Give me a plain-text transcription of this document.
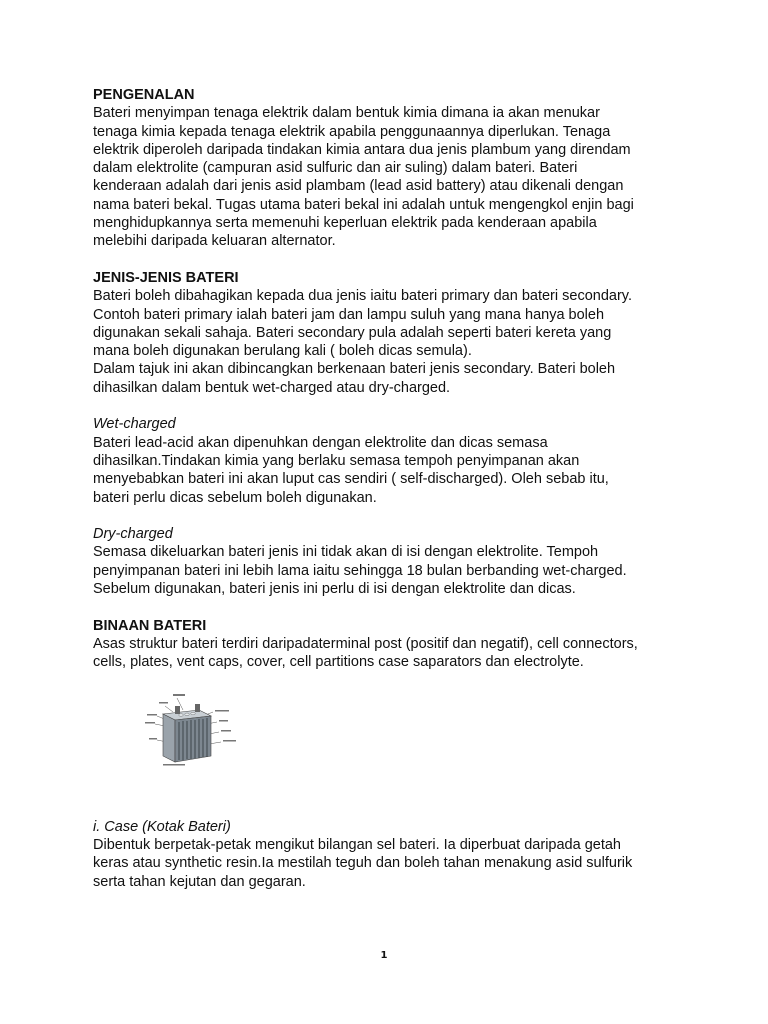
PENGENALAN

Bateri menyimpan tenaga elektrik dalam bentuk kimia dimana ia akan menukar

tenaga kimia kepada tenaga elektrik apabila penggunaannya diperlukan. Tenaga

elektrik diperoleh daripada tindakan kimia antara dua jenis plambum yang direndam

dalam elektrolite (campuran asid sulfuric dan air suling) dalam bateri. Bateri

kenderaan adalah dari jenis asid plambam (lead asid battery) atau dikenali dengan

nama bateri bekal. Tugas utama bateri bekal ini adalah untuk mengengkol enjin bagi

menghidupkannya serta memenuhi keperluan elektrik pada kenderaan apabila

melebihi daripada keluaran alternator.

JENIS-JENIS BATERI

Bateri boleh dibahagikan kepada dua jenis iaitu bateri primary dan bateri secondary.

Contoh bateri primary ialah bateri jam dan lampu suluh yang mana hanya boleh

digunakan sekali sahaja. Bateri secondary pula adalah seperti bateri kereta yang

mana boleh digunakan berulang kali ( boleh dicas semula).

Dalam tajuk ini akan dibincangkan berkenaan bateri jenis secondary. Bateri boleh

dihasilkan dalam bentuk wet-charged atau dry-charged.

Wet-charged

Bateri lead-acid akan dipenuhkan dengan elektrolite dan dicas semasa

dihasilkan.Tindakan kimia yang berlaku semasa tempoh penyimpanan akan

menyebabkan bateri ini akan luput cas sendiri ( self-discharged). Oleh sebab itu,

bateri perlu dicas sebelum boleh digunakan.

Dry-charged

Semasa dikeluarkan bateri jenis ini tidak akan di isi dengan elektrolite. Tempoh

penyimpanan bateri ini lebih lama iaitu sehingga 18 bulan berbanding wet-charged.

Sebelum digunakan, bateri jenis ini perlu di isi dengan elektrolite dan dicas.

BINAAN BATERI

Asas struktur bateri terdiri daripadaterminal post (positif dan negatif), cell connectors,

cells, plates, vent caps, cover, cell partitions case saparators dan electrolyte.

i. Case (Kotak Bateri)

Dibentuk berpetak-petak mengikut bilangan sel bateri. Ia diperbuat daripada getah

keras atau synthetic resin.Ia mestilah teguh dan boleh tahan menakung asid sulfurik

serta tahan kejutan dan gegaran.

1
